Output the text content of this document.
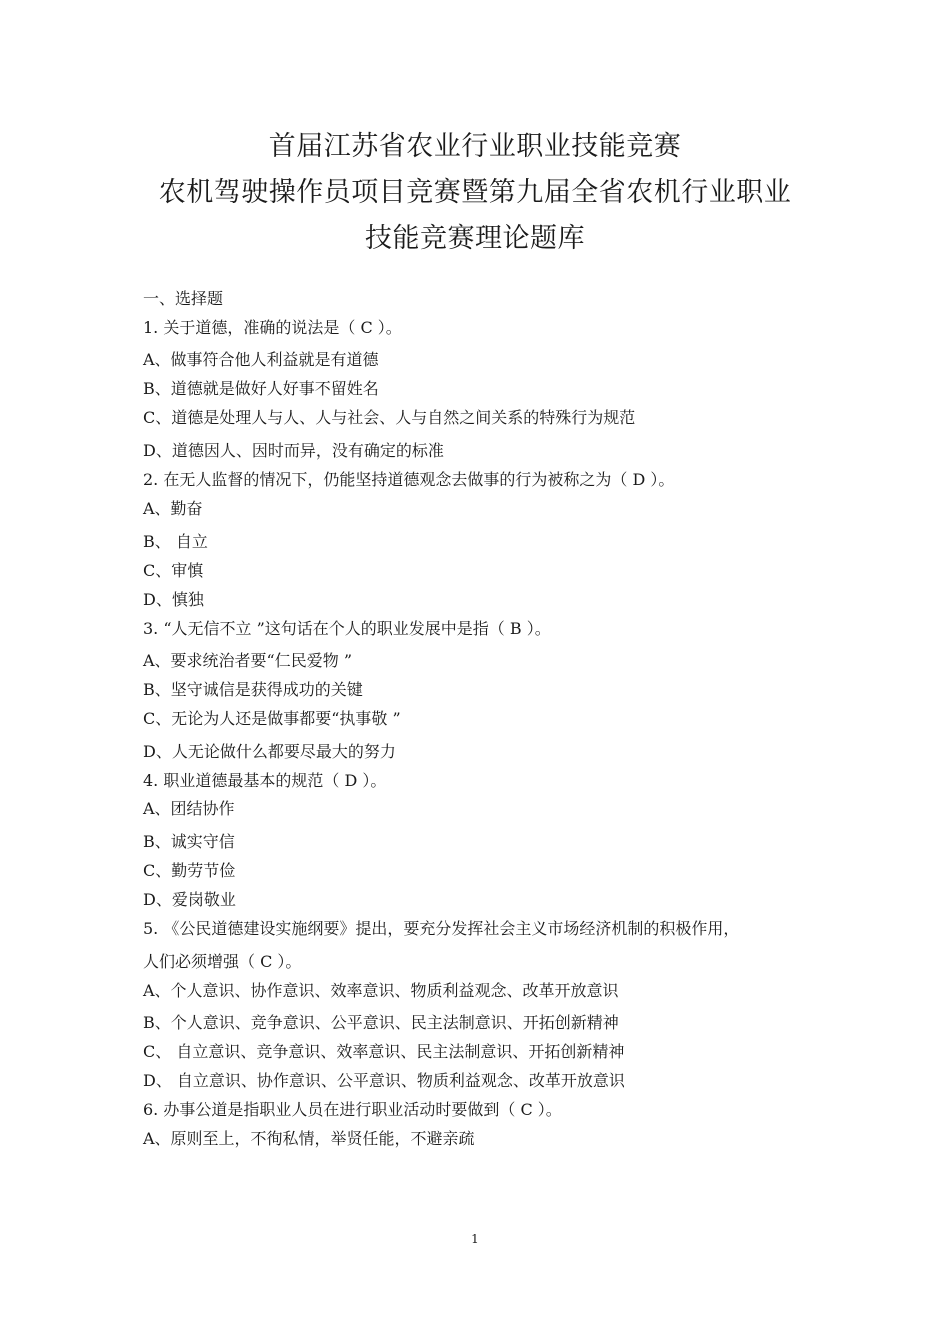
首届江苏省农业行业职业技能竞赛
农机驾驶操作员项目竞赛暨第九届全省农机行业职业
技能竞赛理论题库
一、选择题
1. 关于道德，准确的说法是（ C ）。
A、做事符合他人利益就是有道德
B、道德就是做好人好事不留姓名
C、道德是处理人与人、人与社会、人与自然之间关系的特殊行为规范
D、道德因人、因时而异，没有确定的标准
2. 在无人监督的情况下，仍能坚持道德观念去做事的行为被称之为（ D ）。
A、勤奋
B、 自立
C、审慎
D、慎独
3. “人无信不立 ”这句话在个人的职业发展中是指（ B ）。
A、要求统治者要“仁民爱物 ”
B、坚守诚信是获得成功的关键
C、无论为人还是做事都要“执事敬 ”
D、人无论做什么都要尽最大的努力
4. 职业道德最基本的规范（ D ）。
A、团结协作
B、诚实守信
C、勤劳节俭
D、爱岗敬业
5. 《公民道德建设实施纲要》提出，要充分发挥社会主义市场经济机制的积极作用，
人们必须增强（ C ）。
A、个人意识、协作意识、效率意识、物质利益观念、改革开放意识
B、个人意识、竞争意识、公平意识、民主法制意识、开拓创新精神
C、 自立意识、竞争意识、效率意识、民主法制意识、开拓创新精神
D、 自立意识、协作意识、公平意识、物质利益观念、改革开放意识
6. 办事公道是指职业人员在进行职业活动时要做到（ C ）。
A、原则至上，不徇私情，举贤任能，不避亲疏
1
